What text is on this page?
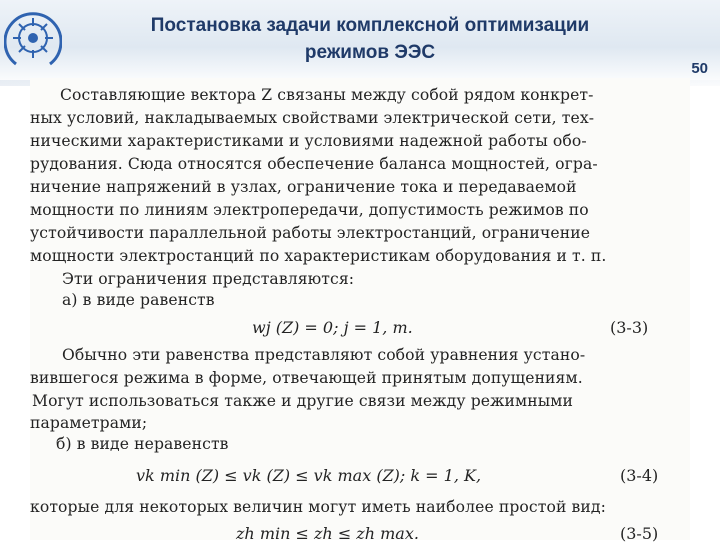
Постановка задачи комплексной оптимизации
режимов ЭЭС
50
Составляющие вектора Z связаны между собой рядом конкрет-
ных условий, накладываемых свойствами электрической сети, тех-
ническими характеристиками и условиями надежной работы обо-
рудования. Сюда относятся обеспечение баланса мощностей, огра-
ничение напряжений в узлах, ограничение тока и передаваемой
мощности по линиям электропередачи, допустимость режимов по
устойчивости параллельной работы электростанций, ограничение
мощности электростанций по характеристикам оборудования и т. п.
Эти ограничения представляются:
а) в виде равенств
wj (Z) = 0; j = 1, m.	(3-3)
Обычно эти равенства представляют собой уравнения устано-
вившегося режима в форме, отвечающей принятым допущениям.
Могут использоваться также и другие связи между режимными
параметрами;
б) в виде неравенств
vk min (Z) ≤ vk (Z) ≤ vk max (Z); k = 1, K,	(3-4)
которые для некоторых величин могут иметь наиболее простой вид:
zh min ≤ zh ≤ zh max.	(3-5)
